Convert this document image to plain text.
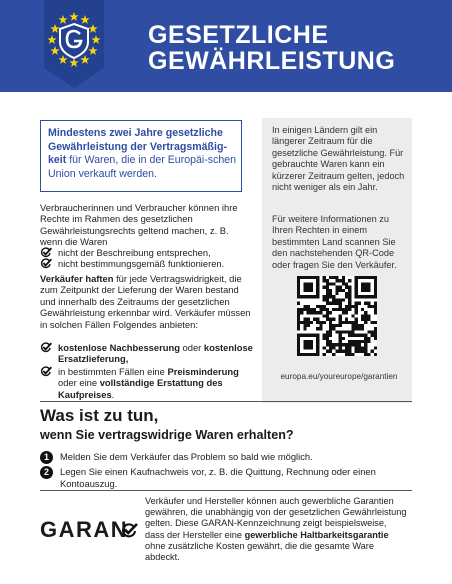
GESETZLICHE
GEWÄHRLEISTUNG
Mindestens zwei Jahre gesetzliche Gewährleistung der Vertragsmäßig-keit für Waren, die in der Europäi-schen Union verkauft werden.
Verbraucherinnen und Verbraucher können ihre Rechte im Rahmen des gesetzlichen Gewährleistungsrechts geltend machen, z. B. wenn die Waren
nicht der Beschreibung entsprechen,
nicht bestimmungsgemäß funktionieren.
Verkäufer haften für jede Vertragswidrigkeit, die zum Zeitpunkt der Lieferung der Waren bestand und innerhalb des Zeitraums der gesetzlichen Gewährleistung erkennbar wird. Verkäufer müssen in solchen Fällen Folgendes anbieten:
kostenlose Nachbesserung oder kostenlose Ersatzlieferung,
in bestimmten Fällen eine Preisminderung oder eine vollständige Erstattung des Kaufpreises.
In einigen Ländern gilt ein längerer Zeitraum für die gesetzliche Gewährleistung. Für gebrauchte Waren kann ein kürzerer Zeitraum gelten, jedoch nicht weniger als ein Jahr.
Für weitere Informationen zu Ihren Rechten in einem bestimmten Land scannen Sie den nachstehenden QR-Code oder fragen Sie den Verkäufer.
europa.eu/youreurope/garantien
Was ist zu tun,
wenn Sie vertragswidrige Waren erhalten?
1	Melden Sie dem Verkäufer das Problem so bald wie möglich.
2	Legen Sie einen Kaufnachweis vor, z. B. die Quittung, Rechnung oder einen Kontoauszug.
GARAN
Verkäufer und Hersteller können auch gewerbliche Garantien gewähren, die unabhängig von der gesetzlichen Gewährleistung gelten. Diese GARAN-Kennzeichnung zeigt beispielsweise, dass der Hersteller eine gewerbliche Haltbarkeitsgarantie ohne zusätzliche Kosten gewährt, die die gesamte Ware abdeckt.
